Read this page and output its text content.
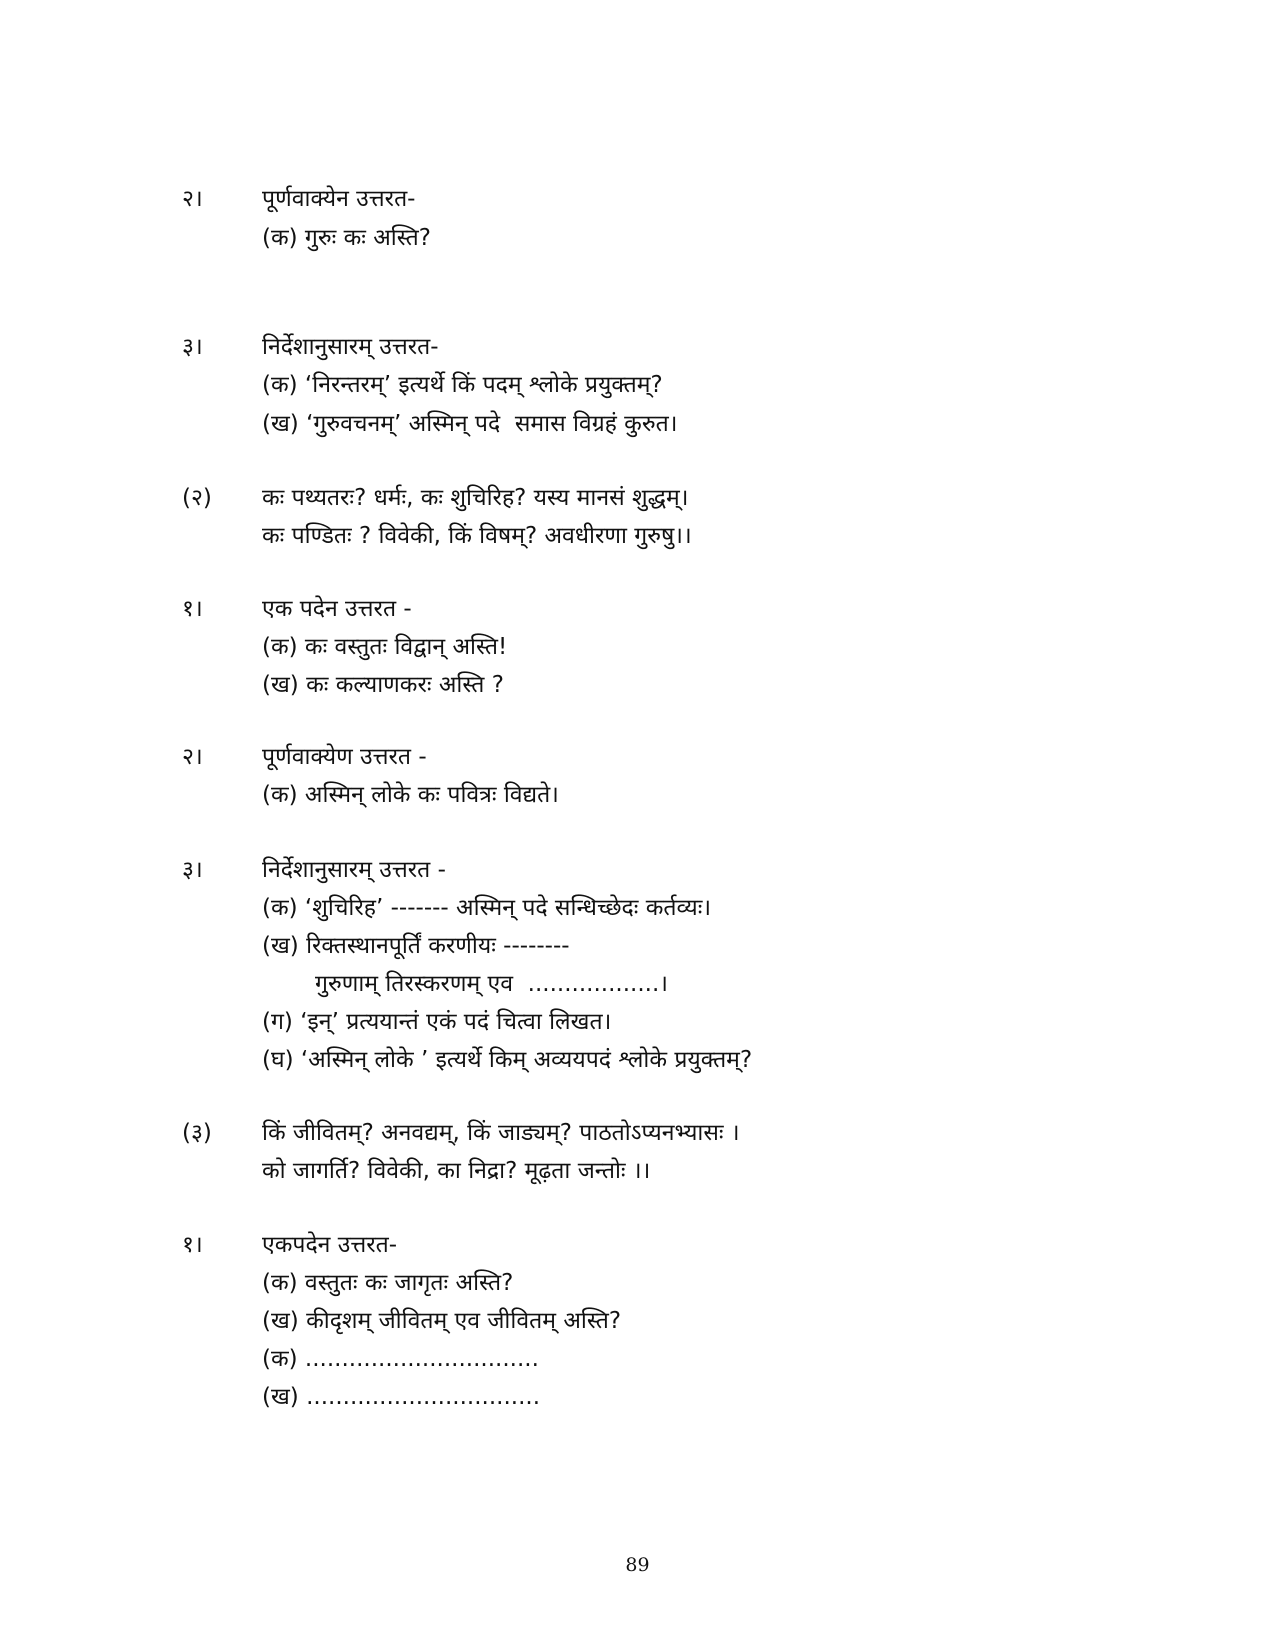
२।	पूर्णवाक्येन उत्तरत-
(क) गुरुः कः अस्ति?
३।	निर्देशानुसारम् उत्तरत-
(क) ‘निरन्तरम्’ इत्यर्थे किं पदम् श्लोके प्रयुक्तम्?
(ख) ‘गुरुवचनम्’ अस्मिन् पदे  समास विग्रहं कुरुत।
(२) कः पथ्यतरः? धर्मः, कः शुचिरिह? यस्य मानसं शुद्धम्।
कः पण्डितः ? विवेकी, किं विषम्? अवधीरणा गुरुषु।।
१।	एक पदेन उत्तरत -
(क) कः वस्तुतः विद्वान् अस्ति!
(ख) कः कल्याणकरः अस्ति ?
२।	पूर्णवाक्येण उत्तरत -
(क) अस्मिन् लोके कः पवित्रः विद्यते।
३।	निर्देशानुसारम् उत्तरत -
(क) ‘शुचिरिह’ ------- अस्मिन् पदे सन्धिच्छेदः कर्तव्यः।
(ख) रिक्तस्थानपूर्तिं करणीयः --------
गुरुणाम् तिरस्करणम् एव  ..................।
(ग) ‘इन्’ प्रत्ययान्तं एकं पदं चित्वा लिखत।
(घ) ‘अस्मिन् लोके ’ इत्यर्थे किम् अव्ययपदं श्लोके प्रयुक्तम्?
(३) किं जीवितम्? अनवद्यम्, किं जाड्यम्? पाठतोऽप्यनभ्यासः ।
को जागर्ति? विवेकी, का निद्रा? मूढ़ता जन्तोः ।।
१।	एकपदेन उत्तरत-
(क) वस्तुतः कः जागृतः अस्ति?
(ख) कीदृशम् जीवितम् एव जीवितम् अस्ति?
(क) ................................
(ख) ................................
89
